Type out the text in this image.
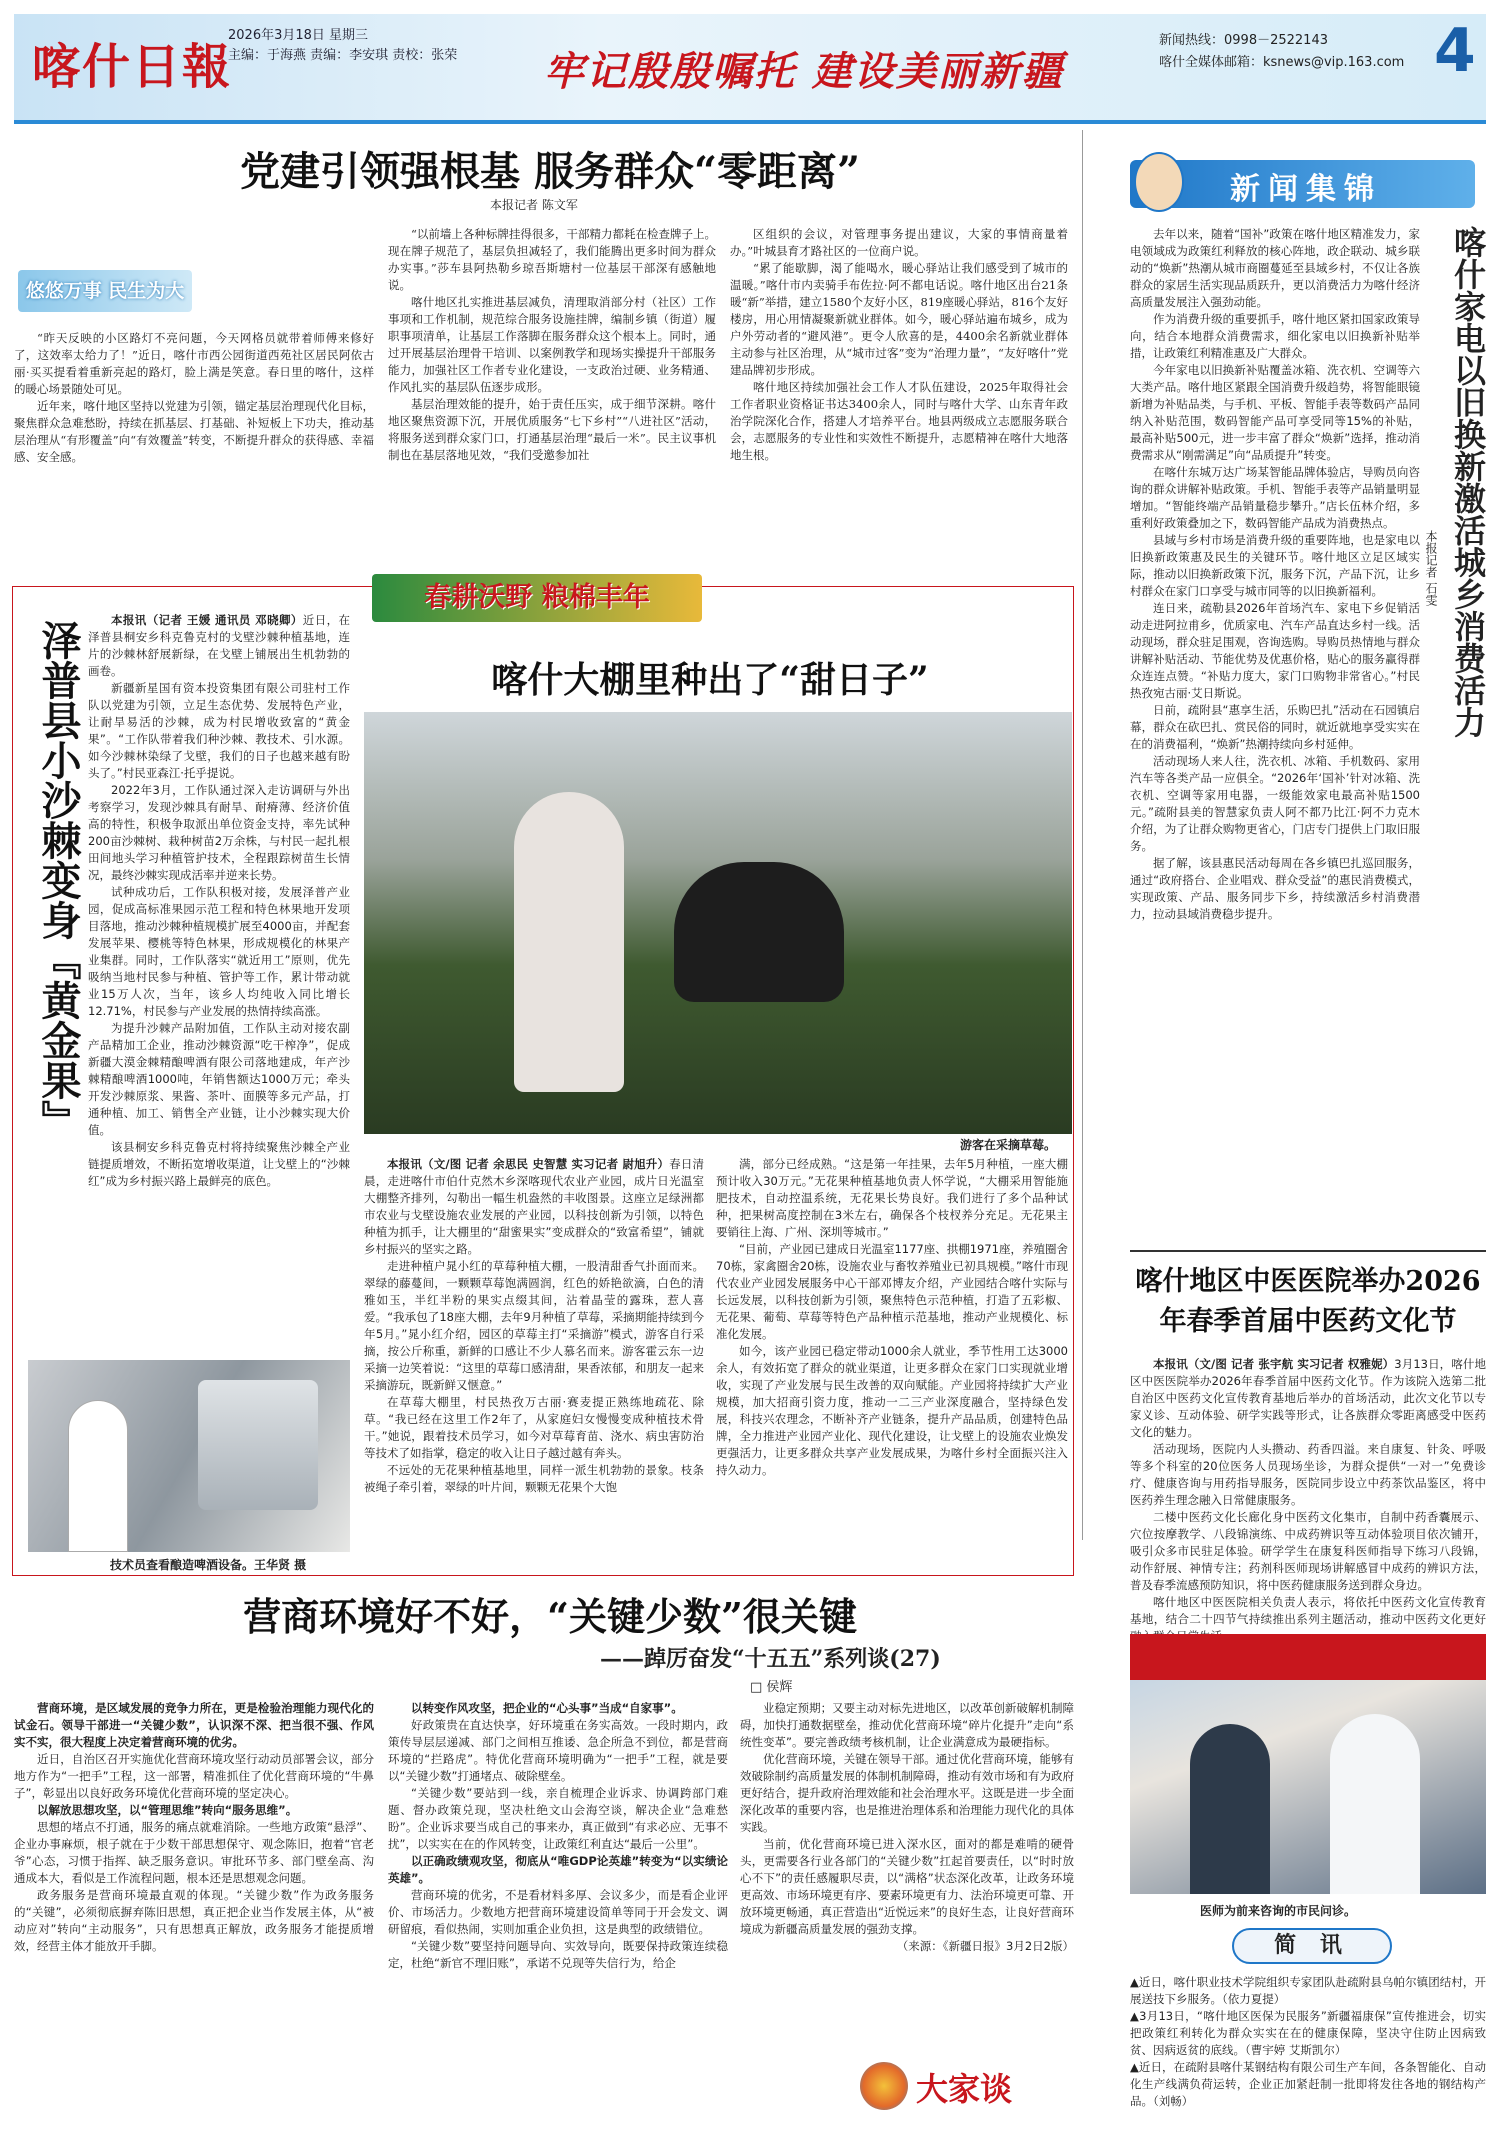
喀什日報
2026年3月18日 星期三
主编：于海燕 责编：李安琪 责校：张荣 牢记殷殷嘱托 建设美丽新疆
新闻热线：0998－2522143
喀什全媒体邮箱：ksnews@vip.163.com 4
党建引领强根基 服务群众“零距离”
本报记者 陈文军
悠悠万事 民生为大

“昨天反映的小区路灯不亮问题，今天网格员就带着师傅来修好了，这效率太给力了！”近日，喀什市西公园街道西苑社区居民阿依古丽·买买提看着重新亮起的路灯，脸上满是笑意。春日里的喀什，这样的暖心场景随处可见。

近年来，喀什地区坚持以党建为引领，锚定基层治理现代化目标，聚焦群众急难愁盼，持续在抓基层、打基础、补短板上下功夫，推动基层治理从“有形覆盖”向“有效覆盖”转变，不断提升群众的获得感、幸福感、安全感。

“以前墙上各种标牌挂得很多，干部精力都耗在检查牌子上。现在牌子规范了，基层负担减轻了，我们能腾出更多时间为群众办实事。”莎车县阿热勒乡琼吾斯塘村一位基层干部深有感触地说。

喀什地区扎实推进基层减负，清理取消部分村（社区）工作事项和工作机制，规范综合服务设施挂牌，编制乡镇（街道）履职事项清单，让基层工作落脚在服务群众这个根本上。同时，通过开展基层治理骨干培训、以案例教学和现场实操提升干部服务能力，加强社区工作者专业化建设，一支政治过硬、业务精通、作风扎实的基层队伍逐步成形。

基层治理效能的提升，始于责任压实，成于细节深耕。喀什地区聚焦资源下沉，开展优质服务“七下乡村”“八进社区”活动，将服务送到群众家门口，打通基层治理“最后一米”。民主议事机制也在基层落地见效，“我们受邀参加社

区组织的会议，对管理事务提出建议，大家的事情商量着办。”叶城县育才路社区的一位商户说。

“累了能歇脚，渴了能喝水，暖心驿站让我们感受到了城市的温暖。”喀什市内卖骑手布佐拉·阿不都电话说。喀什地区出台21条暖“新”举措，建立1580个友好小区，819座暖心驿站，816个友好楼房，用心用情凝聚新就业群体。如今，暖心驿站遍布城乡，成为户外劳动者的“避风港”。更令人欣喜的是，4400余名新就业群体主动参与社区治理，从“城市过客”变为“治理力量”，“友好喀什”党建品牌初步形成。

喀什地区持续加强社会工作人才队伍建设，2025年取得社会工作者职业资格证书达3400余人，同时与喀什大学、山东青年政治学院深化合作，搭建人才培养平台。地县两级成立志愿服务联合会，志愿服务的专业性和实效性不断提升，志愿精神在喀什大地落地生根。

新闻集锦

去年以来，随着“国补”政策在喀什地区精准发力，家电领域成为政策红利释放的核心阵地，政企联动、城乡联动的“焕新”热潮从城市商圈蔓延至县域乡村，不仅让各族群众的家居生活实现品质跃升，更以消费活力为喀什经济高质量发展注入强劲动能。

作为消费升级的重要抓手，喀什地区紧扣国家政策导向，结合本地群众消费需求，细化家电以旧换新补贴举措，让政策红利精准惠及广大群众。

今年家电以旧换新补贴覆盖冰箱、洗衣机、空调等六大类产品。喀什地区紧跟全国消费升级趋势，将智能眼镜新增为补贴品类，与手机、平板、智能手表等数码产品同纳入补贴范围，数码智能产品可享受同等15%的补贴，最高补贴500元，进一步丰富了群众“焕新”选择，推动消费需求从“刚需满足”向“品质提升”转变。

在喀什东城万达广场某智能品牌体验店，导购员向咨询的群众讲解补贴政策。手机、智能手表等产品销量明显增加。“智能终端产品销量稳步攀升。”店长伍林介绍，多重利好政策叠加之下，数码智能产品成为消费热点。

县域与乡村市场是消费升级的重要阵地，也是家电以旧换新政策惠及民生的关键环节。喀什地区立足区域实际，推动以旧换新政策下沉，服务下沉，产品下沉，让乡村群众在家门口享受与城市同等的以旧换新福利。

连日来，疏勒县2026年首场汽车、家电下乡促销活动走进阿拉甫乡，优质家电、汽车产品直达乡村一线。活动现场，群众驻足围观，咨询选购。导购员热情地与群众讲解补贴活动、节能优势及优惠价格，贴心的服务赢得群众连连点赞。“补贴力度大，家门口购物非常省心。”村民热孜宛古丽·艾日斯说。

日前，疏附县“惠享生活，乐购巴扎”活动在石园镇启幕，群众在砍巴扎、赏民俗的同时，就近就地享受实实在在的消费福利，“焕新”热潮持续向乡村延伸。

活动现场人来人往，洗衣机、冰箱、手机数码、家用汽车等各类产品一应俱全。“2026年‘国补’针对冰箱、洗衣机、空调等家用电器，一级能效家电最高补贴1500元。”疏附县美的智慧家负责人阿不都乃比江·阿不力克木介绍，为了让群众购物更省心，门店专门提供上门取旧服务。

据了解，该县惠民活动每周在各乡镇巴扎巡回服务，通过“政府搭台、企业唱戏、群众受益”的惠民消费模式，实现政策、产品、服务同步下乡，持续激活乡村消费潜力，拉动县域消费稳步提升。

喀什家电以旧换新激活城乡消费活力
本报记者 石雯
喀什地区中医医院举办2026年春季首届中医药文化节

本报讯（文/图 记者 张宇航 实习记者 权雅妮）3月13日，喀什地区中医医院举办2026年春季首届中医药文化节。作为该院入选第二批自治区中医药文化宣传教育基地后举办的首场活动，此次文化节以专家义诊、互动体验、研学实践等形式，让各族群众零距离感受中医药文化的魅力。

活动现场，医院内人头攒动、药香四溢。来自康复、针灸、呼吸等多个科室的20位医务人员现场坐诊，为群众提供“一对一”免费诊疗、健康咨询与用药指导服务，医院同步设立中药茶饮品鉴区，将中医药养生理念融入日常健康服务。

二楼中医药文化长廊化身中医药文化集市，自制中药香囊展示、穴位按摩教学、八段锦演练、中成药辨识等互动体验项目依次铺开，吸引众多市民驻足体验。研学学生在康复科医师指导下练习八段锦，动作舒展、神情专注；药剂科医师现场讲解感冒中成药的辨识方法，普及春季流感预防知识，将中医药健康服务送到群众身边。

喀什地区中医医院相关负责人表示，将依托中医药文化宣传教育基地，结合二十四节气持续推出系列主题活动，推动中医药文化更好

医师为前来咨询的市民问诊。
简 讯

▲近日，喀什职业技术学院组织专家团队赴疏附县乌帕尔镇团结村，开展送技下乡服务。（依力夏提）

▲3月13日，“喀什地区医保为民服务”新疆福康保”宣传推进会，切实把政策红利转化为群众实实在在的健康保障，坚决守住防止因病致贫、因病返贫的底线。（曹宇婷 艾斯凯尔）

▲近日，在疏附县喀什某钢结构有限公司生产车间，各条智能化、自动化生产线满负荷运转，企业正加紧赶制一批即将发往各地的钢结构产品。（刘畅）

春耕沃野 粮棉丰年
泽普县小沙棘变身『黄金果』	本报讯（记者 王媛 通讯员 邓晓卿）近日，在泽普县桐安乡科克鲁克村的戈壁沙棘种植基地，连片的沙棘林舒展新绿，在戈壁上铺展出生机勃勃的画卷。

新疆新星国有资本投资集团有限公司驻村工作队以党建为引领，立足生态优势、发展特色产业，让耐旱易活的沙棘，成为村民增收致富的“黄金果”。“工作队带着我们种沙棘、教技术、引水源。如今沙棘林染绿了戈壁，我们的日子也越来越有盼头了。”村民亚森江·托乎提说。

2022年3月，工作队通过深入走访调研与外出考察学习，发现沙棘具有耐旱、耐瘠薄、经济价值高的特性，积极争取派出单位资金支持，率先试种200亩沙棘树、栽种树苗2万余株，与村民一起扎根田间地头学习种植管护技术，全程跟踪树苗生长情况，最终沙棘实现成活率并逆来长势。

试种成功后，工作队积极对接，发展泽普产业园，促成高标准果园示范工程和特色林果地开发项目落地，推动沙棘种植规模扩展至4000亩，并配套发展苹果、樱桃等特色林果，形成规模化的林果产业集群。同时，工作队落实“就近用工”原则，优先吸纳当地村民参与种植、管护等工作，累计带动就业15万人次，当年，该乡人均纯收入同比增长12.71%，村民参与产业发展的热情持续高涨。

为提升沙棘产品附加值，工作队主动对接农副产品精加工企业，推动沙棘资源“吃干榨净”，促成新疆大漠金棘精酿啤酒有限公司落地建成，年产沙棘精酿啤酒1000吨，年销售额达1000万元；牵头开发沙棘原浆、果酱、茶叶、面膜等多元产品，打通种植、加工、销售全产业链，让小沙棘实现大价值。

该县桐安乡科克鲁克村将持续聚焦沙棘全产业链提质增效，不断拓宽增收渠道，让戈壁上的“沙棘红”成为乡村振兴路上最鲜亮的底色。

技术员查看酿造啤酒设备。王华贤 摄
喀什大棚里种出了“甜日子”
游客在采摘草莓。

本报讯（文/图 记者 余思民 史智慧 实习记者 尉旭升）春日清晨，走进喀什市伯什克然木乡深喀现代农业产业园，成片日光温室大棚整齐排列，勾勒出一幅生机盎然的丰收图景。这座立足绿洲都市农业与戈壁设施农业发展的产业园，以科技创新为引领，以特色种植为抓手，让大棚里的“甜蜜果实”变成群众的“致富希望”，铺就乡村振兴的坚实之路。

走进种植户晁小红的草莓种植大棚，一股清甜香气扑面而来。翠绿的藤蔓间，一颗颗草莓饱满圆润，红色的娇艳欲滴，白色的清雅如玉，半红半粉的果实点缀其间，沾着晶莹的露珠，惹人喜爱。“我承包了18座大棚，去年9月种植了草莓，采摘期能持续到今年5月。”晁小红介绍，园区的草莓主打“采摘游”模式，游客自行采摘，按公斤称重，新鲜的口感让不少人慕名而来。游客霍云东一边采摘一边笑着说：“这里的草莓口感清甜，果香浓郁，和朋友一起来采摘游玩，既新鲜又惬意。”

在草莓大棚里，村民热孜万古丽·赛麦提正熟练地疏花、除草。“我已经在这里工作2年了，从家庭妇女慢慢变成种植技术骨干。”她说，跟着技术员学习，如今对草莓育苗、浇水、病虫害防治等技术了如指掌，稳定的收入让日子越过越有奔头。

不远处的无花果种植基地里，同样一派生机勃勃的景象。枝条被绳子牵引着，翠绿的叶片间，颗颗无花果个大饱

满，部分已经成熟。“这是第一年挂果，去年5月种植，一座大棚预计收入30万元。”无花果种植基地负责人怀学说，“大棚采用智能施肥技术，自动控温系统，无花果长势良好。我们进行了多个品种试种，把果树高度控制在3米左右，确保各个枝杈养分充足。无花果主要销往上海、广州、深圳等城市。”

“目前，产业园已建成日光温室1177座、拱棚1971座，养殖圈舍70栋，家禽圈舍20栋，设施农业与畜牧养殖业已初具规模。”喀什市现代农业产业园发展服务中心干部邓博友介绍，产业园结合喀什实际与长远发展，以科技创新为引领，聚焦特色示范种植，打造了五彩椒、无花果、葡萄、草莓等特色产品种植示范基地，推动产业规模化、标准化发展。

如今，该产业园已稳定带动1000余人就业，季节性用工达3000余人，有效拓宽了群众的就业渠道，让更多群众在家门口实现就业增收，实现了产业发展与民生改善的双向赋能。产业园将持续扩大产业规模，加大招商引资力度，推动一二三产业深度融合，坚持绿色发展，科技兴农理念，不断补齐产业链条，提升产品品质，创建特色品牌，全力推进产业园产业化、现代化建设，让戈壁上的设施农业焕发更强活力，让更多群众共享产业发展成果，为喀什乡村全面振兴注入持久动力。

营商环境好不好，“关键少数”很关键
——踔厉奋发“十五五”系列谈(27)
□ 侯辉

营商环境，是区域发展的竞争力所在，更是检验治理能力现代化的试金石。领导干部进一“关键少数”，认识深不深、把当很不强、作风实不实，很大程度上决定着营商环境的优劣。

近日，自治区召开实施优化营商环境攻坚行动动员部署会议，部分地方作为“一把手”工程，这一部署，精准抓住了优化营商环境的“牛鼻子”，彰显出以良好政务环境优化营商环境的坚定决心。

以解放思想攻坚，以“管理思维”转向“服务思维”。

思想的堵点不打通，服务的痛点就难消除。一些地方政策“悬浮”、企业办事麻烦，根子就在于少数干部思想保守、观念陈旧，抱着“官老爷”心态，习惯于指挥、缺乏服务意识。审批环节多、部门壁垒高、沟通成本大，看似是工作流程问题，根本还是思想观念问题。

政务服务是营商环境最直观的体现。“关键少数”作为政务服务的“关键”，必须彻底摒弃陈旧思想，真正把企业当作发展主体，从“被动应对”转向“主动服务”，只有思想真正解放，政务服务才能提质增效，经营主体才能放开手脚。

以转变作风攻坚，把企业的“心头事”当成“自家事”。

好政策贵在直达快享，好环境重在务实高效。一段时期内，政策传导层层递减、部门之间相互推诿、急企所急不到位，都是营商环境的“拦路虎”。特优化营商环境明确为“一把手”工程，就是要以“关键少数”打通堵点、破除壁垒。

“关键少数”要站到一线，亲自梳理企业诉求、协调跨部门难题、督办政策兑现，坚决杜绝文山会海空谈，解决企业“急难愁盼”。企业诉求要当成自己的事来办，真正做到“有求必应、无事不扰”，以实实在在的作风转变，让政策红利直达“最后一公里”。

以正确政绩观攻坚，彻底从“唯GDP论英雄”转变为“以实绩论英雄”。

营商环境的优劣，不是看材料多厚、会议多少，而是看企业评价、市场活力。少数地方把营商环境建设简单等同于开会发文、调研留痕，看似热闹，实则加重企业负担，这是典型的政绩错位。

“关键少数”要坚持问题导向、实效导向，既要保持政策连续稳定，杜绝“新官不理旧账”，承诺不兑现等失信行为，给企

业稳定预期；又要主动对标先进地区，以改革创新破解机制障碍，加快打通数据壁垒，推动优化营商环境“碎片化提升”走向“系统性变革”。要完善政绩考核机制，让企业满意成为最硬指标。

优化营商环境，关键在领导干部。通过优化营商环境，能够有效破除制约高质量发展的体制机制障碍，推动有效市场和有为政府更好结合，提升政府治理效能和社会治理水平。这既是进一步全面深化改革的重要内容，也是推进治理体系和治理能力现代化的具体实践。

当前，优化营商环境已进入深水区，面对的都是难啃的硬骨头，更需要各行业各部门的“关键少数”扛起首要责任，以“时时放心不下”的责任感履职尽责，以“满格”状态深化改革，让政务环境更高效、市场环境更有序、要素环境更有力、法治环境更可靠、开放环境更畅通，真正营造出“近悦远来”的良好生态，让良好营商环境成为新疆高质量发展的强劲支撑。

（来源：《新疆日报》3月2日2版）

大家谈
